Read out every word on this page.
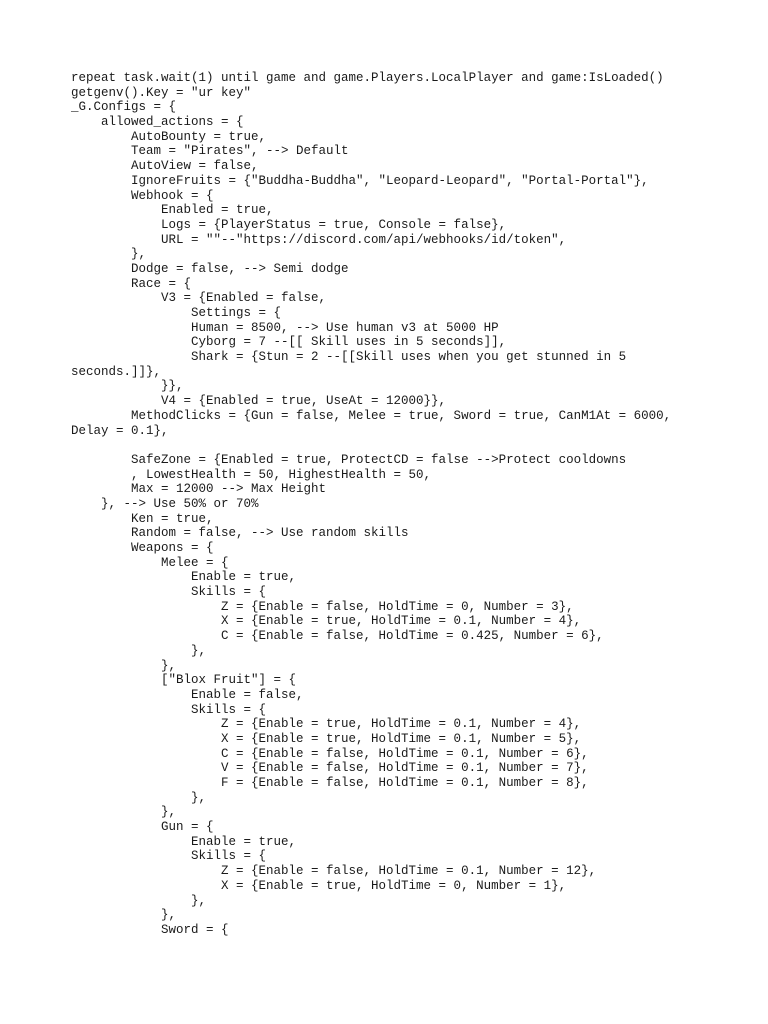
repeat task.wait(1) until game and game.Players.LocalPlayer and game:IsLoaded()
getgenv().Key = "ur key"
_G.Configs = {
allowed_actions = {
AutoBounty = true,
Team = "Pirates", --> Default
AutoView = false,
IgnoreFruits = {"Buddha-Buddha", "Leopard-Leopard", "Portal-Portal"},
Webhook = {
Enabled = true,
Logs = {PlayerStatus = true, Console = false},
URL = ""--"https://discord.com/api/webhooks/id/token",
},
Dodge = false, --> Semi dodge
Race = {
V3 = {Enabled = false,
Settings = {
Human = 8500, --> Use human v3 at 5000 HP
Cyborg = 7 --[[ Skill uses in 5 seconds]],
Shark = {Stun = 2 --[[Skill uses when you get stunned in 5
seconds.]]},
}},
V4 = {Enabled = true, UseAt = 12000}},
MethodClicks = {Gun = false, Melee = true, Sword = true, CanM1At = 6000,
Delay = 0.1},
SafeZone = {Enabled = true, ProtectCD = false -->Protect cooldowns
, LowestHealth = 50, HighestHealth = 50,
Max = 12000 --> Max Height
}, --> Use 50% or 70%
Ken = true,
Random = false, --> Use random skills
Weapons = {
Melee = {
Enable = true,
Skills = {
Z = {Enable = false, HoldTime = 0, Number = 3},
X = {Enable = true, HoldTime = 0.1, Number = 4},
C = {Enable = false, HoldTime = 0.425, Number = 6},
},
},
["Blox Fruit"] = {
Enable = false,
Skills = {
Z = {Enable = true, HoldTime = 0.1, Number = 4},
X = {Enable = true, HoldTime = 0.1, Number = 5},
C = {Enable = false, HoldTime = 0.1, Number = 6},
V = {Enable = false, HoldTime = 0.1, Number = 7},
F = {Enable = false, HoldTime = 0.1, Number = 8},
},
},
Gun = {
Enable = true,
Skills = {
Z = {Enable = false, HoldTime = 0.1, Number = 12},
X = {Enable = true, HoldTime = 0, Number = 1},
},
},
Sword = {
